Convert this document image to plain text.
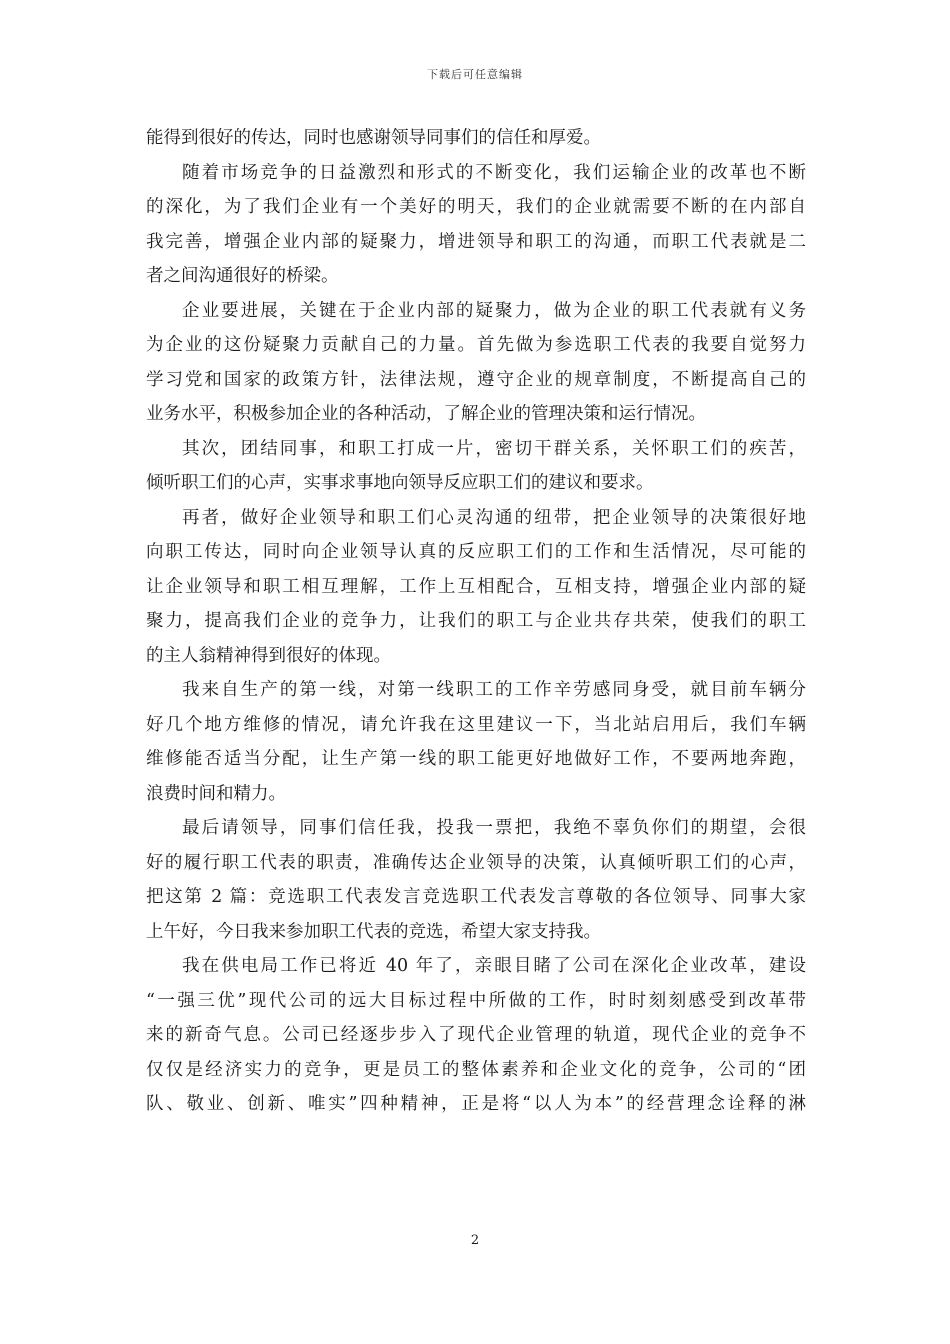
下载后可任意编辑
能得到很好的传达，同时也感谢领导同事们的信任和厚爱。
随着市场竞争的日益激烈和形式的不断变化，我们运输企业的改革也不断
的深化，为了我们企业有一个美好的明天，我们的企业就需要不断的在内部自
我完善，增强企业内部的疑聚力，增进领导和职工的沟通，而职工代表就是二
者之间沟通很好的桥梁。
企业要进展，关键在于企业内部的疑聚力，做为企业的职工代表就有义务
为企业的这份疑聚力贡献自己的力量。首先做为参选职工代表的我要自觉努力
学习党和国家的政策方针，法律法规，遵守企业的规章制度，不断提高自己的
业务水平，积极参加企业的各种活动，了解企业的管理决策和运行情况。
其次，团结同事，和职工打成一片，密切干群关系，关怀职工们的疾苦，
倾听职工们的心声，实事求事地向领导反应职工们的建议和要求。
再者，做好企业领导和职工们心灵沟通的纽带，把企业领导的决策很好地
向职工传达，同时向企业领导认真的反应职工们的工作和生活情况，尽可能的
让企业领导和职工相互理解，工作上互相配合，互相支持，增强企业内部的疑
聚力，提高我们企业的竞争力，让我们的职工与企业共存共荣，使我们的职工
的主人翁精神得到很好的体现。
我来自生产的第一线，对第一线职工的工作辛劳感同身受，就目前车辆分
好几个地方维修的情况，请允许我在这里建议一下，当北站启用后，我们车辆
维修能否适当分配，让生产第一线的职工能更好地做好工作，不要两地奔跑，
浪费时间和精力。
最后请领导，同事们信任我，投我一票把，我绝不辜负你们的期望，会很
好的履行职工代表的职责，准确传达企业领导的决策，认真倾听职工们的心声，
把这第 2 篇：竞选职工代表发言竞选职工代表发言尊敬的各位领导、同事大家
上午好，今日我来参加职工代表的竞选，希望大家支持我。
我在供电局工作已将近 40 年了，亲眼目睹了公司在深化企业改革，建设
“一强三优”现代公司的远大目标过程中所做的工作，时时刻刻感受到改革带
来的新奇气息。公司已经逐步步入了现代企业管理的轨道，现代企业的竞争不
仅仅是经济实力的竞争，更是员工的整体素养和企业文化的竞争，公司的“团
队、敬业、创新、唯实”四种精神，正是将“以人为本”的经营理念诠释的淋
2
